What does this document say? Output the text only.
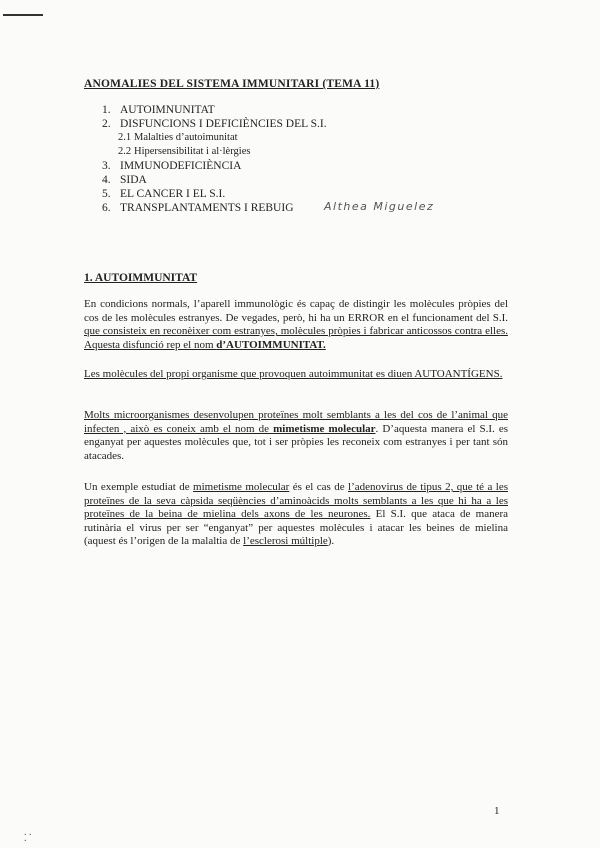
ANOMALIES DEL SISTEMA IMMUNITARI (TEMA 11)
1. AUTOIMNUNITAT
2. DISFUNCIONS I DEFICIÈNCIES DEL S.I.
2.1 Malalties d’autoimunitat
2.2 Hipersensibilitat i al·lèrgies
3. IMMUNODEFICIÈNCIA
4. SIDA
5. EL CANCER I EL S.I.
6. TRANSPLANTAMENTS I REBUIG	Althea Miguelez
1. AUTOIMMUNITAT
En condicions normals, l’aparell immunològic és capaç de distingir les molècules pròpies del cos de les molècules estranyes. De vegades, però, hi ha un ERROR en el funcionament del S.I. que consisteix en reconèixer com estranyes, molècules pròpies i fabricar anticossos contra elles. Aquesta disfunció rep el nom d’AUTOIMMUNITAT.
Les molècules del propi organisme que provoquen autoimmunitat es diuen AUTOANTÍGENS.
Molts microorganismes desenvolupen proteïnes molt semblants a les del cos de l’animal que infecten , això es coneix amb el nom de mimetisme molecular. D’aquesta manera el S.I. es enganyat per aquestes molècules que, tot i ser pròpies les reconeix com estranyes i per tant són atacades.
Un exemple estudiat de mimetisme molecular és el cas de l’adenovirus de tipus 2, que té a les proteïnes de la seva càpsida seqüències d’aminoàcids molts semblants a les que hi ha a les proteïnes de la beina de mielina dels axons de les neurones. El S.I. que ataca de manera rutinària el virus per ser “enganyat” per aquestes molècules i atacar les beines de mielina (aquest és l’origen de la malaltia de l’esclerosi múltiple).
1
. .
.
